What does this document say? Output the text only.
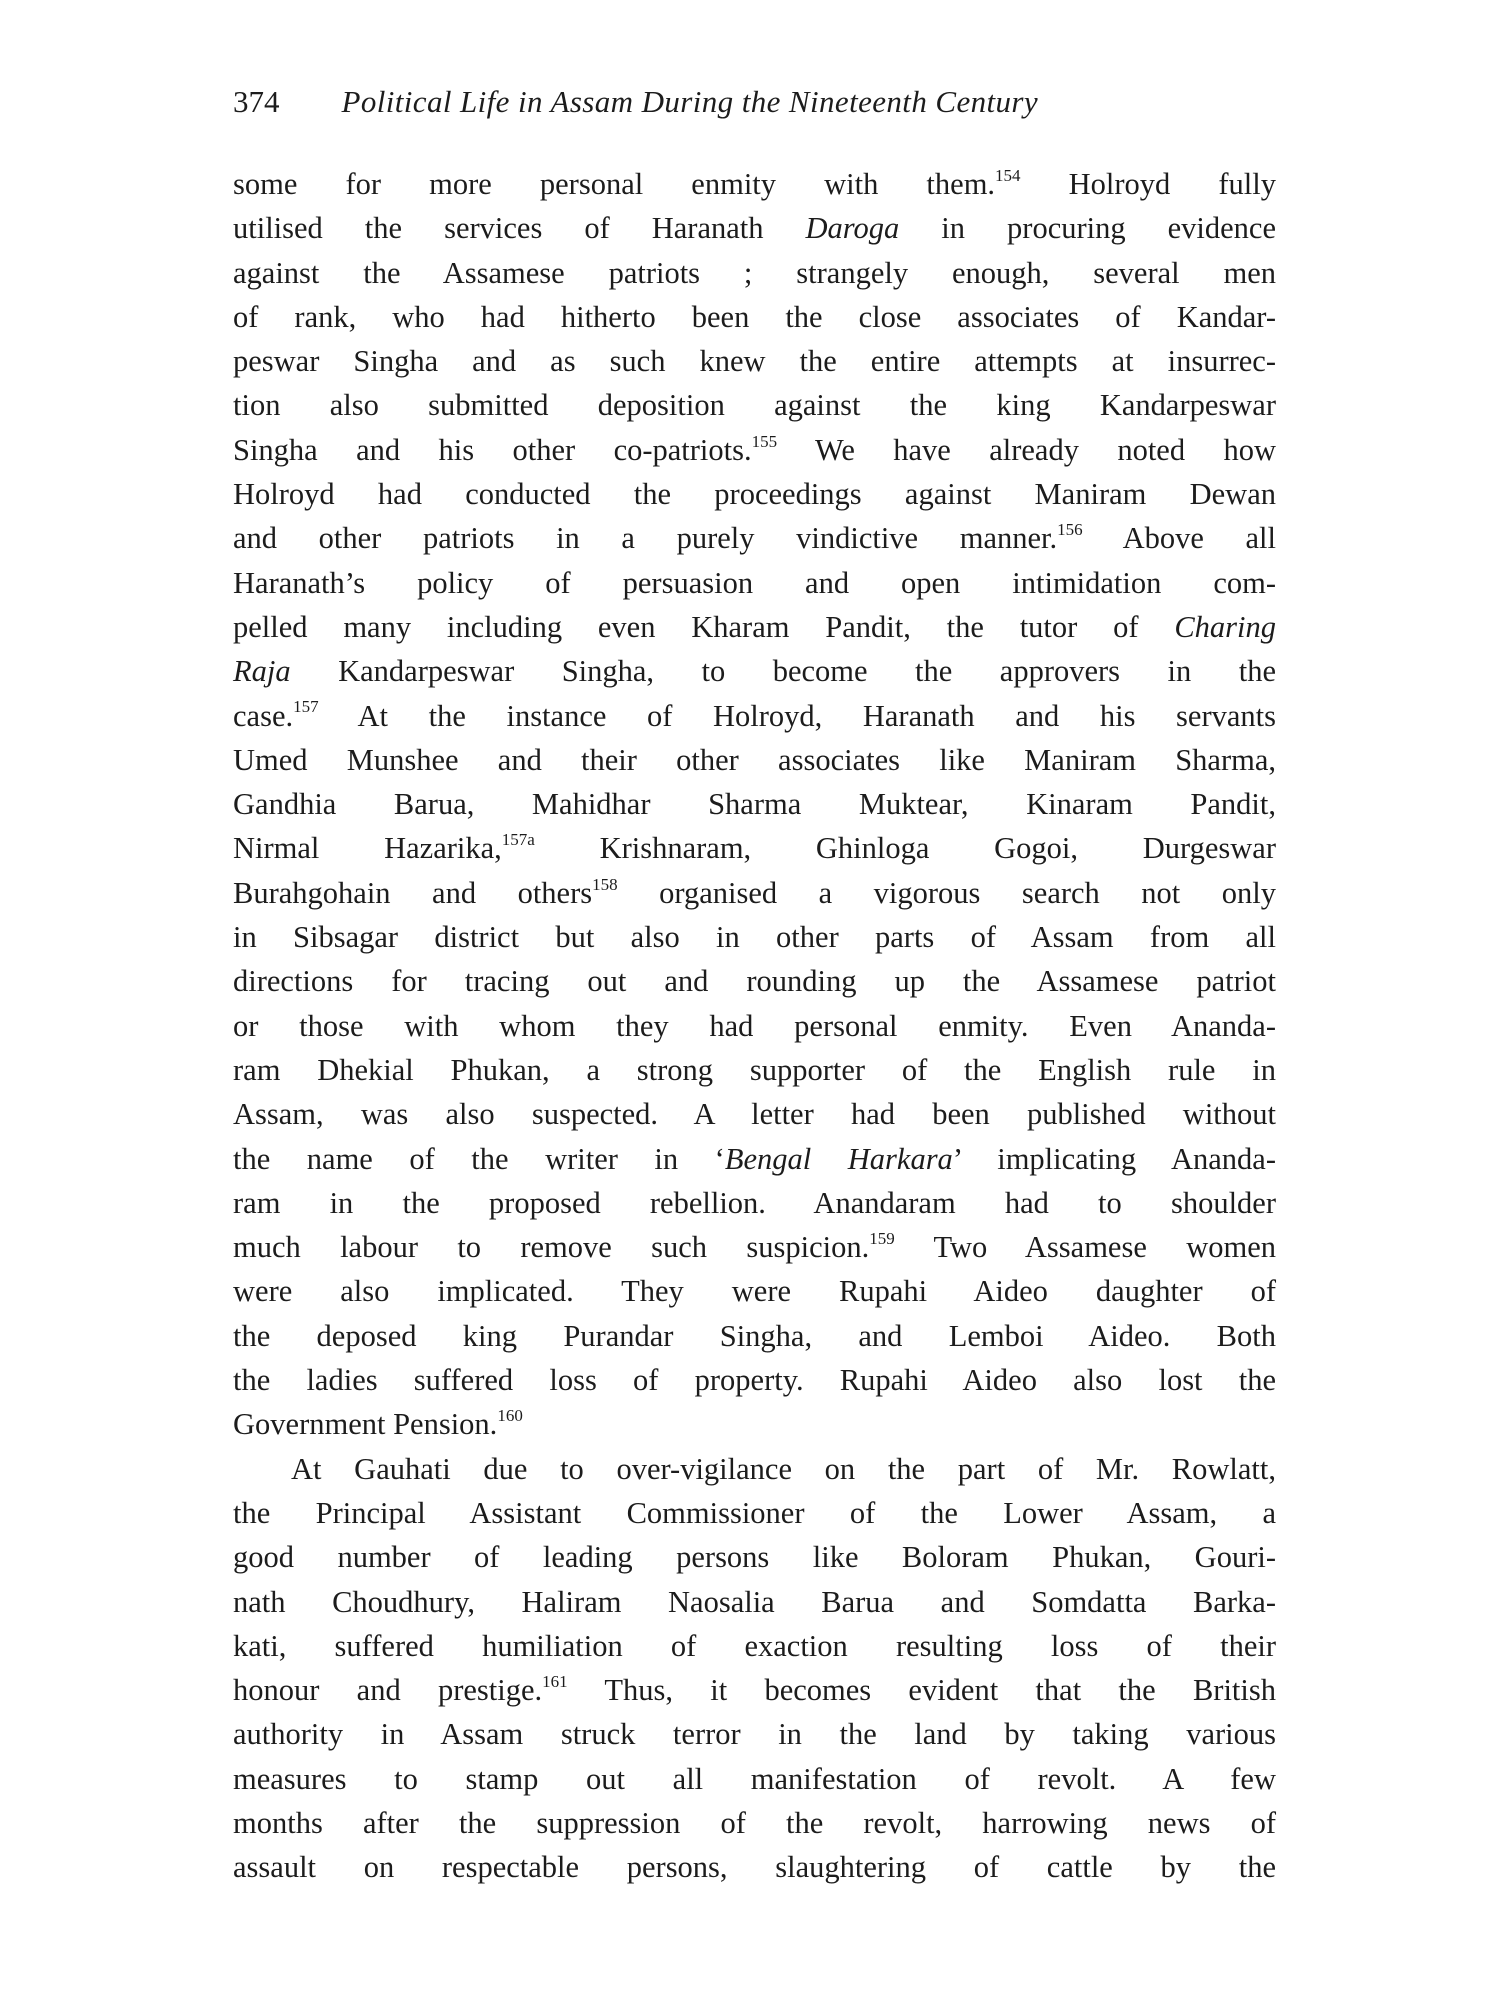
374 Political Life in Assam During the Nineteenth Century
some for more personal enmity with them.$^{154}$ Holroyd fully
utilised the services of Haranath Daroga in procuring evidence
against the Assamese patriots ; strangely enough, several men
of rank, who had hitherto been the close associates of Kandar-
peswar Singha and as such knew the entire attempts at insurrec-
tion also submitted deposition against the king Kandarpeswar
Singha and his other co-patriots.$^{155}$ We have already noted how
Holroyd had conducted the proceedings against Maniram Dewan
and other patriots in a purely vindictive manner.$^{156}$ Above all
Haranath’s policy of persuasion and open intimidation com-
pelled many including even Kharam Pandit, the tutor of Charing
Raja Kandarpeswar Singha, to become the approvers in the
case.$^{157}$ At the instance of Holroyd, Haranath and his servants
Umed Munshee and their other associates like Maniram Sharma,
Gandhia Barua, Mahidhar Sharma Muktear, Kinaram Pandit,
Nirmal Hazarika,$^{157a}$ Krishnaram, Ghinloga Gogoi, Durgeswar
Burahgohain and others$^{158}$ organised a vigorous search not only
in Sibsagar district but also in other parts of Assam from all
directions for tracing out and rounding up the Assamese patriot
or those with whom they had personal enmity. Even Ananda-
ram Dhekial Phukan, a strong supporter of the English rule in
Assam, was also suspected. A letter had been published without
the name of the writer in ‘Bengal Harkara’ implicating Ananda-
ram in the proposed rebellion. Anandaram had to shoulder
much labour to remove such suspicion.$^{159}$ Two Assamese women
were also implicated. They were Rupahi Aideo daughter of
the deposed king Purandar Singha, and Lemboi Aideo. Both
the ladies suffered loss of property. Rupahi Aideo also lost the
Government Pension.$^{160}$
At Gauhati due to over-vigilance on the part of Mr. Rowlatt,
the Principal Assistant Commissioner of the Lower Assam, a
good number of leading persons like Boloram Phukan, Gouri-
nath Choudhury, Haliram Naosalia Barua and Somdatta Barka-
kati, suffered humiliation of exaction resulting loss of their
honour and prestige.$^{161}$ Thus, it becomes evident that the British
authority in Assam struck terror in the land by taking various
measures to stamp out all manifestation of revolt. A few
months after the suppression of the revolt, harrowing news of
assault on respectable persons, slaughtering of cattle by the
